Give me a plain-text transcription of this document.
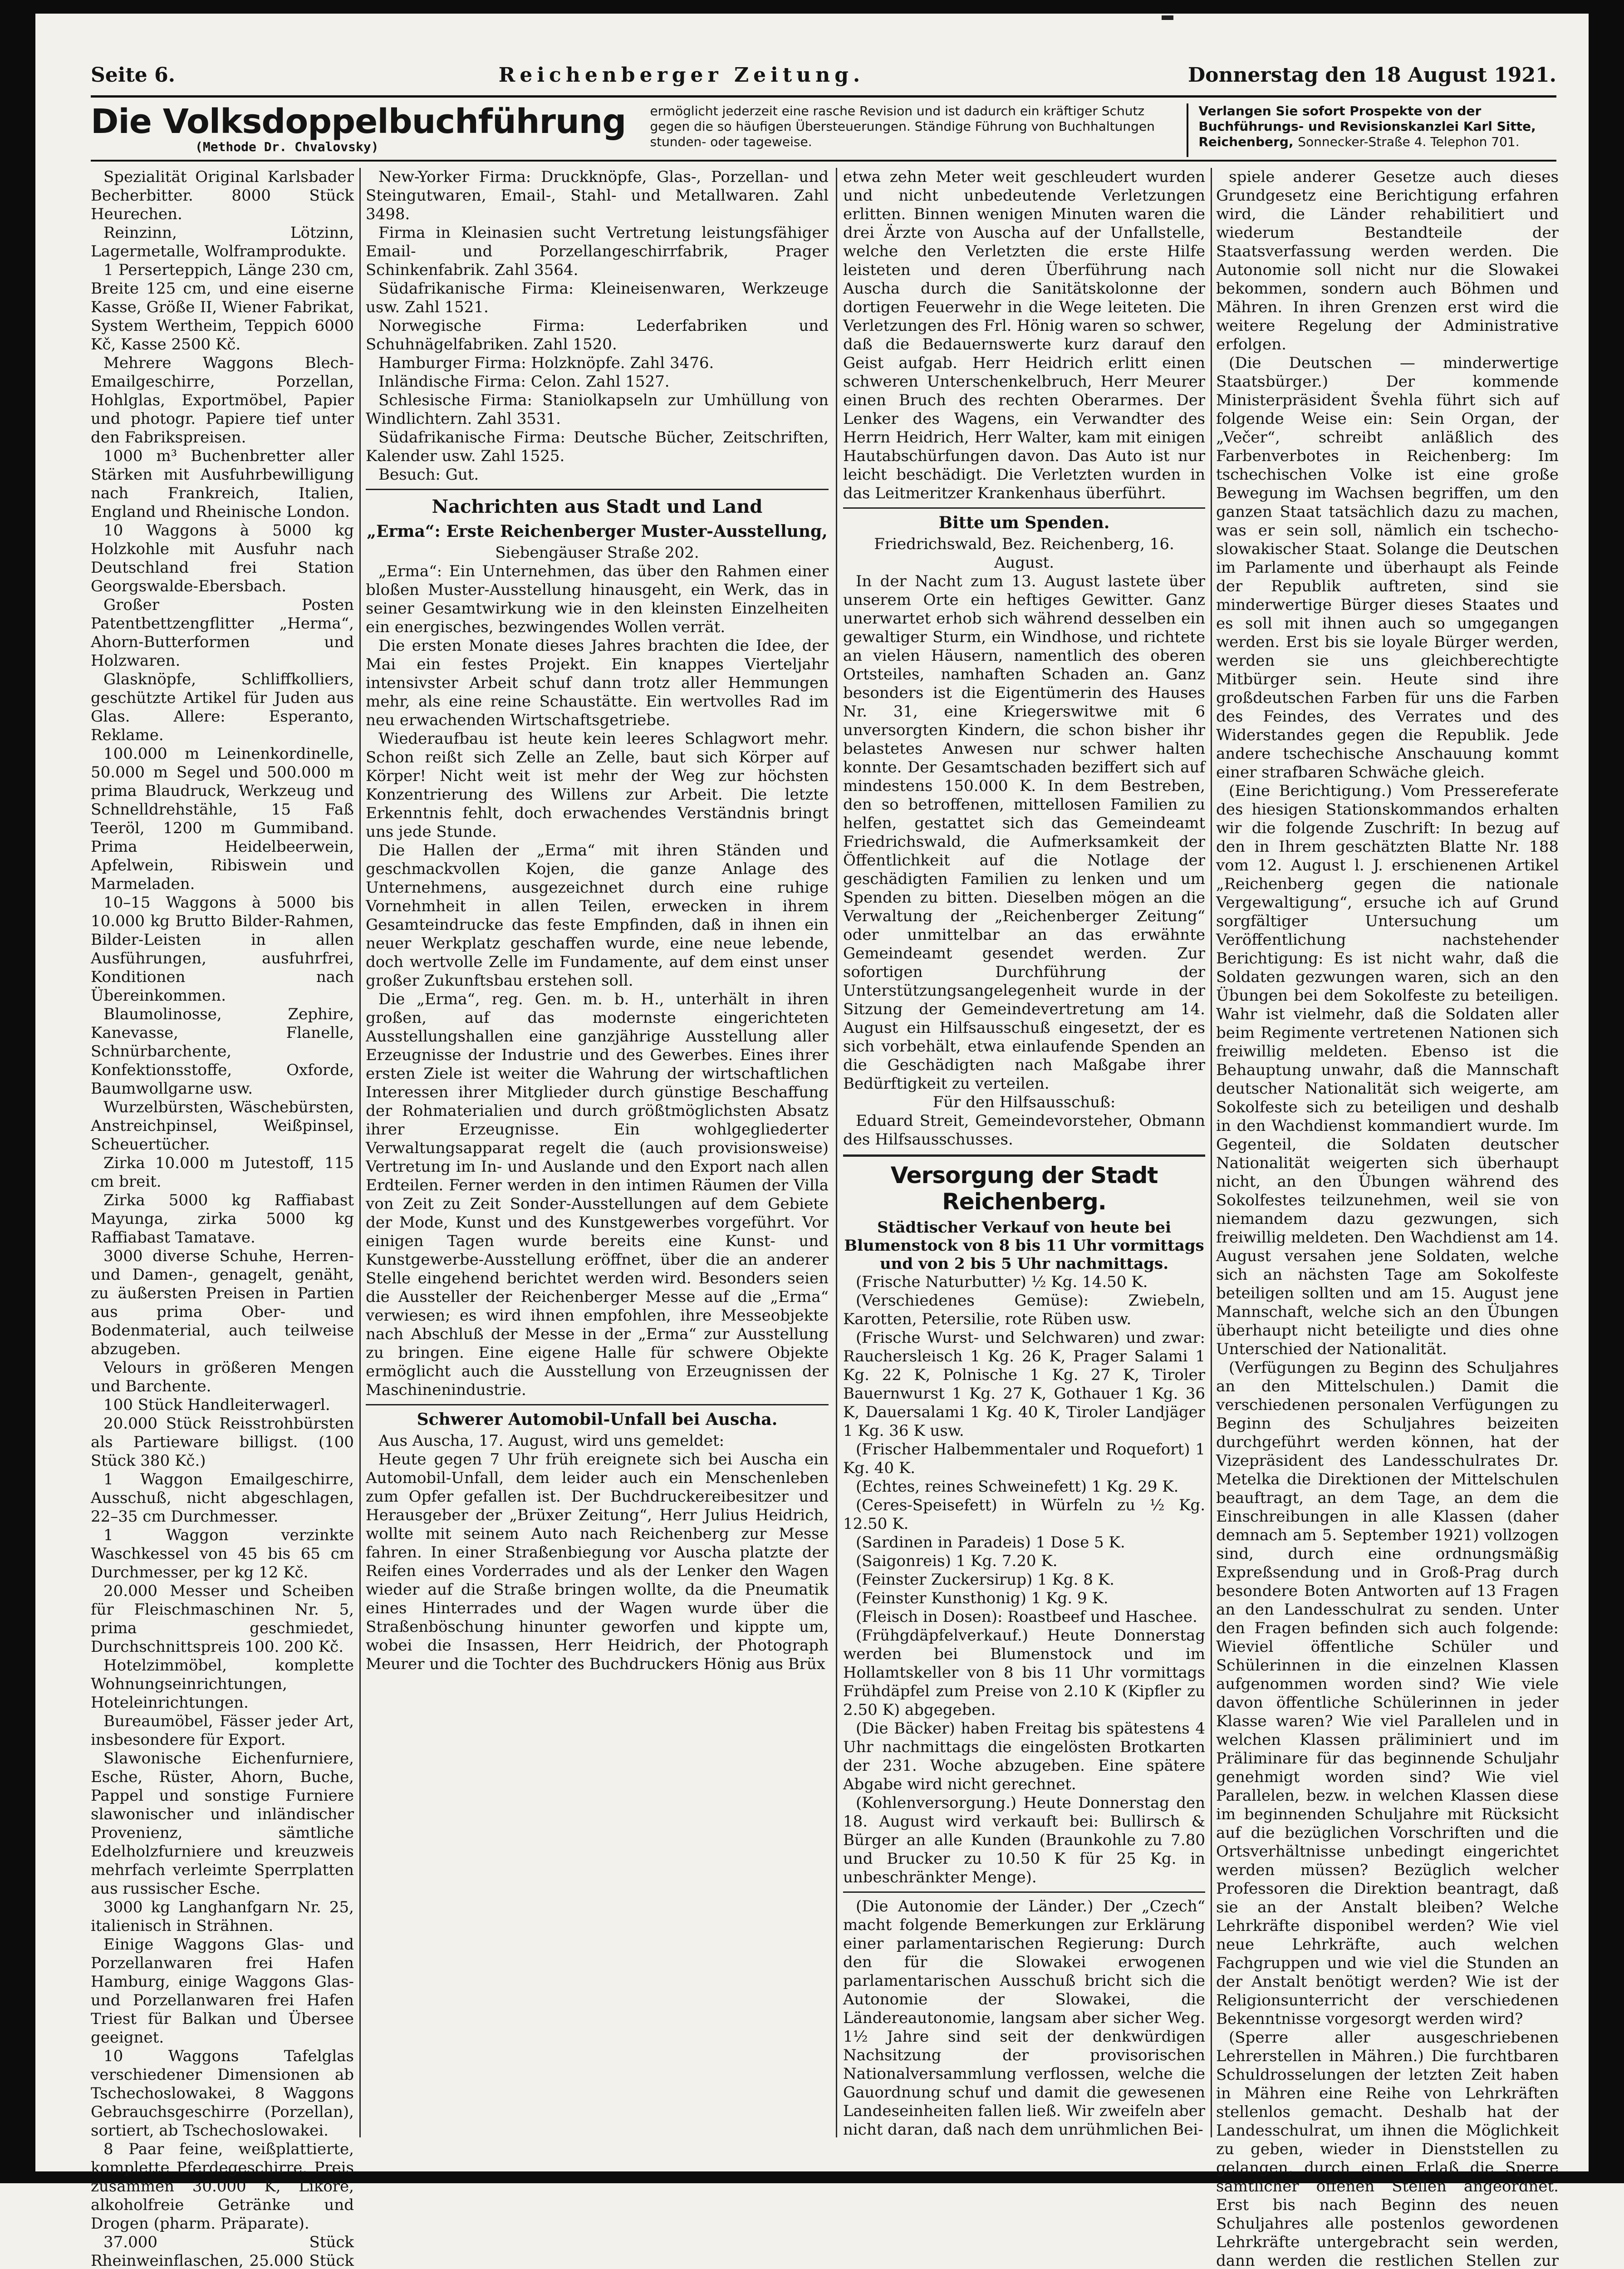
Seite 6.	Reichenberger Zeitung.	Donnerstag den 18 August 1921.
Die Volksdoppelbuchführung
(Methode Dr. Chvalovsky)
ermöglicht jederzeit eine rasche Revision und ist dadurch ein kräftiger Schutz gegen die so häufigen Übersteuerungen. Ständige Führung von Buchhaltungen stunden- oder tageweise.
Verlangen Sie sofort Prospekte von der Buchführungs- und Revisionskanzlei Karl Sitte, Reichenberg, Sonnecker-Straße 4. Telephon 701.

Spezialität Original Karlsbader Becherbitter. 8000 Stück Heurechen.

Reinzinn, Lötzinn, Lagermetalle, Wolframprodukte.

1 Perserteppich, Länge 230 cm, Breite 125 cm, und eine eiserne Kasse, Größe II, Wiener Fabrikat, System Wertheim, Teppich 6000 Kč, Kasse 2500 Kč.

Mehrere Waggons Blech-Emailgeschirre, Porzellan, Hohlglas, Exportmöbel, Papier und photogr. Papiere tief unter den Fabrikspreisen.

1000 m³ Buchenbretter aller Stärken mit Ausfuhrbewilligung nach Frankreich, Italien, England und Rheinische London.

10 Waggons à 5000 kg Holzkohle mit Ausfuhr nach Deutschland frei Station Georgswalde-Ebersbach.

Großer Posten Patentbettzengflitter „Herma“, Ahorn-Butterformen und Holzwaren.

Glasknöpfe, Schliffkolliers, geschützte Artikel für Juden aus Glas. Allere: Esperanto, Reklame.

100.000 m Leinenkordinelle, 50.000 m Segel und 500.000 m prima Blaudruck, Werkzeug und Schnelldrehstähle, 15 Faß Teeröl, 1200 m Gummiband. Prima Heidelbeerwein, Apfelwein, Ribiswein und Marmeladen.

10–15 Waggons à 5000 bis 10.000 kg Brutto Bilder-Rahmen, Bilder-Leisten in allen Ausführungen, ausfuhrfrei, Konditionen nach Übereinkommen.

Blaumolinosse, Zephire, Kanevasse, Flanelle, Schnürbarchente, Konfektionsstoffe, Oxforde, Baumwollgarne usw.

Wurzelbürsten, Wäschebürsten, Anstreichpinsel, Weißpinsel, Scheuertücher.

Zirka 10.000 m Jutestoff, 115 cm breit.

Zirka 5000 kg Raffiabast Mayunga, zirka 5000 kg Raffiabast Tamatave.

3000 diverse Schuhe, Herren- und Damen-, genagelt, genäht, zu äußersten Preisen in Partien aus prima Ober- und Bodenmaterial, auch teilweise abzugeben.

Velours in größeren Mengen und Barchente.

100 Stück Handleiterwagerl.

20.000 Stück Reisstrohbürsten als Partieware billigst. (100 Stück 380 Kč.)

1 Waggon Emailgeschirre, Ausschuß, nicht abgeschlagen, 22–35 cm Durchmesser.

1 Waggon verzinkte Waschkessel von 45 bis 65 cm Durchmesser, per kg 12 Kč.

20.000 Messer und Scheiben für Fleischmaschinen Nr. 5, prima geschmiedet, Durchschnittspreis 100. 200 Kč.

Hotelzimmöbel, komplette Wohnungseinrichtungen, Hoteleinrichtungen.

Bureaumöbel, Fässer jeder Art, insbesondere für Export.

Slawonische Eichenfurniere, Esche, Rüster, Ahorn, Buche, Pappel und sonstige Furniere slawonischer und inländischer Provenienz, sämtliche Edelholzfurniere und kreuzweis mehrfach verleimte Sperrplatten aus russischer Esche.

3000 kg Langhanfgarn Nr. 25, italienisch in Strähnen.

Einige Waggons Glas- und Porzellanwaren frei Hafen Hamburg, einige Waggons Glas- und Porzellanwaren frei Hafen Triest für Balkan und Übersee geeignet.

10 Waggons Tafelglas verschiedener Dimensionen ab Tschechoslowakei, 8 Waggons Gebrauchsgeschirre (Porzellan), sortiert, ab Tschechoslowakei.

8 Paar feine, weißplattierte, komplette Pferdegeschirre. Preis zusammen 30.000 K, Liköre, alkoholfreie Getränke und Drogen (pharm. Präparate).

37.000 Stück Rheinweinflaschen, 25.000 Stück

New-Yorker Firma: Druckknöpfe, Glas-, Porzellan- und Steingutwaren, Email-, Stahl- und Metallwaren. Zahl 3498.

Firma in Kleinasien sucht Vertretung leistungsfähiger Email- und Porzellangeschirrfabrik, Prager Schinkenfabrik. Zahl 3564.

Südafrikanische Firma: Kleineisenwaren, Werkzeuge usw. Zahl 1521.

Norwegische Firma: Lederfabriken und Schuhnägelfabriken. Zahl 1520.

Hamburger Firma: Holzknöpfe. Zahl 3476.

Inländische Firma: Celon. Zahl 1527.

Schlesische Firma: Staniolkapseln zur Umhüllung von Windlichtern. Zahl 3531.

Südafrikanische Firma: Deutsche Bücher, Zeitschriften, Kalender usw. Zahl 1525.

Besuch: Gut.

Nachrichten aus Stadt und Land
„Erma“: Erste Reichenberger Muster-Ausstellung,

Siebengäuser Straße 202.

„Erma“: Ein Unternehmen, das über den Rahmen einer bloßen Muster-Ausstellung hinausgeht, ein Werk, das in seiner Gesamtwirkung wie in den kleinsten Einzelheiten ein energisches, bezwingendes Wollen verrät.

Die ersten Monate dieses Jahres brachten die Idee, der Mai ein festes Projekt. Ein knappes Vierteljahr intensivster Arbeit schuf dann trotz aller Hemmungen mehr, als eine reine Schaustätte. Ein wertvolles Rad im neu erwachenden Wirtschaftsgetriebe.

Wiederaufbau ist heute kein leeres Schlagwort mehr. Schon reißt sich Zelle an Zelle, baut sich Körper auf Körper! Nicht weit ist mehr der Weg zur höchsten Konzentrierung des Willens zur Arbeit. Die letzte Erkenntnis fehlt, doch erwachendes Verständnis bringt uns jede Stunde.

Die Hallen der „Erma“ mit ihren Ständen und geschmackvollen Kojen, die ganze Anlage des Unternehmens, ausgezeichnet durch eine ruhige Vornehmheit in allen Teilen, erwecken in ihrem Gesamteindrucke das feste Empfinden, daß in ihnen ein neuer Werkplatz geschaffen wurde, eine neue lebende, doch wertvolle Zelle im Fundamente, auf dem einst unser großer Zukunftsbau erstehen soll.

Die „Erma“, reg. Gen. m. b. H., unterhält in ihren großen, auf das modernste eingerichteten Ausstellungshallen eine ganzjährige Ausstellung aller Erzeugnisse der Industrie und des Gewerbes. Eines ihrer ersten Ziele ist weiter die Wahrung der wirtschaftlichen Interessen ihrer Mitglieder durch günstige Beschaffung der Rohmaterialien und durch größtmöglichsten Absatz ihrer Erzeugnisse. Ein wohlgegliederter Verwaltungsapparat regelt die (auch provisionsweise) Vertretung im In- und Auslande und den Export nach allen Erdteilen. Ferner werden in den intimen Räumen der Villa von Zeit zu Zeit Sonder-Ausstellungen auf dem Gebiete der Mode, Kunst und des Kunstgewerbes vorgeführt. Vor einigen Tagen wurde bereits eine Kunst- und Kunstgewerbe-Ausstellung eröffnet, über die an anderer Stelle eingehend berichtet werden wird. Besonders seien die Aussteller der Reichenberger Messe auf die „Erma“ verwiesen; es wird ihnen empfohlen, ihre Messeobjekte nach Abschluß der Messe in der „Erma“ zur Ausstellung zu bringen. Eine eigene Halle für schwere Objekte ermöglicht auch die Ausstellung von Erzeugnissen der Maschinenindustrie.

Schwerer Automobil-Unfall bei Auscha.

Aus Auscha, 17. August, wird uns gemeldet:

Heute gegen 7 Uhr früh ereignete sich bei Auscha ein Automobil-Unfall, dem leider auch ein Menschenleben zum Opfer gefallen ist. Der Buchdruckereibesitzer und Herausgeber der „Brüxer Zeitung“, Herr Julius Heidrich, wollte mit seinem Auto nach Reichenberg zur Messe fahren. In einer Straßenbiegung vor Auscha platzte der Reifen eines Vorderrades und als der Lenker den Wagen wieder auf die Straße bringen wollte, da die Pneumatik eines Hinterrades und der Wagen wurde über die Straßenböschung hinunter geworfen und kippte um, wobei die Insassen, Herr Heidrich, der Photograph Meurer und die Tochter des Buchdruckers Hönig aus Brüx

etwa zehn Meter weit geschleudert wurden und nicht unbedeutende Verletzungen erlitten. Binnen wenigen Minuten waren die drei Ärzte von Auscha auf der Unfallstelle, welche den Verletzten die erste Hilfe leisteten und deren Überführung nach Auscha durch die Sanitätskolonne der dortigen Feuerwehr in die Wege leiteten. Die Verletzungen des Frl. Hönig waren so schwer, daß die Bedauernswerte kurz darauf den Geist aufgab. Herr Heidrich erlitt einen schweren Unterschenkelbruch, Herr Meurer einen Bruch des rechten Oberarmes. Der Lenker des Wagens, ein Verwandter des Herrn Heidrich, Herr Walter, kam mit einigen Hautabschürfungen davon. Das Auto ist nur leicht beschädigt. Die Verletzten wurden in das Leitmeritzer Krankenhaus überführt.

Bitte um Spenden.

Friedrichswald, Bez. Reichenberg, 16. August.

In der Nacht zum 13. August lastete über unserem Orte ein heftiges Gewitter. Ganz unerwartet erhob sich während desselben ein gewaltiger Sturm, ein Windhose, und richtete an vielen Häusern, namentlich des oberen Ortsteiles, namhaften Schaden an. Ganz besonders ist die Eigentümerin des Hauses Nr. 31, eine Kriegerswitwe mit 6 unversorgten Kindern, die schon bisher ihr belastetes Anwesen nur schwer halten konnte. Der Gesamtschaden beziffert sich auf mindestens 150.000 K. In dem Bestreben, den so betroffenen, mittellosen Familien zu helfen, gestattet sich das Gemeindeamt Friedrichswald, die Aufmerksamkeit der Öffentlichkeit auf die Notlage der geschädigten Familien zu lenken und um Spenden zu bitten. Dieselben mögen an die Verwaltung der „Reichenberger Zeitung“ oder unmittelbar an das erwähnte Gemeindeamt gesendet werden. Zur sofortigen Durchführung der Unterstützungsangelegenheit wurde in der Sitzung der Gemeindevertretung am 14. August ein Hilfsausschuß eingesetzt, der es sich vorbehält, etwa einlaufende Spenden an die Geschädigten nach Maßgabe ihrer Bedürftigkeit zu verteilen.

Für den Hilfsausschuß:

Eduard Streit, Gemeindevorsteher, Obmann des Hilfsausschusses.

Versorgung der Stadt Reichenberg.
Städtischer Verkauf von heute bei Blumenstock von 8 bis 11 Uhr vormittags und von 2 bis 5 Uhr nachmittags.

(Frische Naturbutter) ½ Kg. 14.50 K.

(Verschiedenes Gemüse): Zwiebeln, Karotten, Petersilie, rote Rüben usw.

(Frische Wurst- und Selchwaren) und zwar: Rauchersleisch 1 Kg. 26 K, Prager Salami 1 Kg. 22 K, Polnische 1 Kg. 27 K, Tiroler Bauernwurst 1 Kg. 27 K, Gothauer 1 Kg. 36 K, Dauersalami 1 Kg. 40 K, Tiroler Landjäger 1 Kg. 36 K usw.

(Frischer Halbemmentaler und Roquefort) 1 Kg. 40 K.

(Echtes, reines Schweinefett) 1 Kg. 29 K.

(Ceres-Speisefett) in Würfeln zu ½ Kg. 12.50 K.

(Sardinen in Paradeis) 1 Dose 5 K.

(Saigonreis) 1 Kg. 7.20 K.

(Feinster Zuckersirup) 1 Kg. 8 K.

(Feinster Kunsthonig) 1 Kg. 9 K.

(Fleisch in Dosen): Roastbeef und Haschee.

(Frühgdäpfelverkauf.) Heute Donnerstag werden bei Blumenstock und im Hollamtskeller von 8 bis 11 Uhr vormittags Frühdäpfel zum Preise von 2.10 K (Kipfler zu 2.50 K) abgegeben.

(Die Bäcker) haben Freitag bis spätestens 4 Uhr nachmittags die eingelösten Brotkarten der 231. Woche abzugeben. Eine spätere Abgabe wird nicht gerechnet.

(Kohlenversorgung.) Heute Donnerstag den 18. August wird verkauft bei: Bullirsch & Bürger an alle Kunden (Braunkohle zu 7.80 und Brucker zu 10.50 K für 25 Kg. in unbeschränkter Menge).

(Die Autonomie der Länder.) Der „Czech“ macht folgende Bemerkungen zur Erklärung einer parlamentarischen Regierung: Durch den für die Slowakei erwogenen parlamentarischen Ausschuß bricht sich die Autonomie der Slowakei, die Ländereautonomie, langsam aber sicher Weg. 1½ Jahre sind seit der denkwürdigen Nachsitzung der provisorischen Nationalversammlung verflossen, welche die Gauordnung schuf und damit die gewesenen Landeseinheiten fallen ließ. Wir zweifeln aber nicht daran, daß nach dem unrühmlichen Bei-

spiele anderer Gesetze auch dieses Grundgesetz eine Berichtigung erfahren wird, die Länder rehabilitiert und wiederum Bestandteile der Staatsverfassung werden werden. Die Autonomie soll nicht nur die Slowakei bekommen, sondern auch Böhmen und Mähren. In ihren Grenzen erst wird die weitere Regelung der Administrative erfolgen.

(Die Deutschen — minderwertige Staatsbürger.) Der kommende Ministerpräsident Švehla führt sich auf folgende Weise ein: Sein Organ, der „Večer“, schreibt anläßlich des Farbenverbotes in Reichenberg: Im tschechischen Volke ist eine große Bewegung im Wachsen begriffen, um den ganzen Staat tatsächlich dazu zu machen, was er sein soll, nämlich ein tschecho-slowakischer Staat. Solange die Deutschen im Parlamente und überhaupt als Feinde der Republik auftreten, sind sie minderwertige Bürger dieses Staates und es soll mit ihnen auch so umgegangen werden. Erst bis sie loyale Bürger werden, werden sie uns gleichberechtigte Mitbürger sein. Heute sind ihre großdeutschen Farben für uns die Farben des Feindes, des Verrates und des Widerstandes gegen die Republik. Jede andere tschechische Anschauung kommt einer strafbaren Schwäche gleich.

(Eine Berichtigung.) Vom Pressereferate des hiesigen Stationskommandos erhalten wir die folgende Zuschrift: In bezug auf den in Ihrem geschätzten Blatte Nr. 188 vom 12. August l. J. erschienenen Artikel „Reichenberg gegen die nationale Vergewaltigung“, ersuche ich auf Grund sorgfältiger Untersuchung um Veröffentlichung nachstehender Berichtigung: Es ist nicht wahr, daß die Soldaten gezwungen waren, sich an den Übungen bei dem Sokolfeste zu beteiligen. Wahr ist vielmehr, daß die Soldaten aller beim Regimente vertretenen Nationen sich freiwillig meldeten. Ebenso ist die Behauptung unwahr, daß die Mannschaft deutscher Nationalität sich weigerte, am Sokolfeste sich zu beteiligen und deshalb in den Wachdienst kommandiert wurde. Im Gegenteil, die Soldaten deutscher Nationalität weigerten sich überhaupt nicht, an den Übungen während des Sokolfestes teilzunehmen, weil sie von niemandem dazu gezwungen, sich freiwillig meldeten. Den Wachdienst am 14. August versahen jene Soldaten, welche sich an nächsten Tage am Sokolfeste beteiligen sollten und am 15. August jene Mannschaft, welche sich an den Übungen überhaupt nicht beteiligte und dies ohne Unterschied der Nationalität.

(Verfügungen zu Beginn des Schuljahres an den Mittelschulen.) Damit die verschiedenen personalen Verfügungen zu Beginn des Schuljahres beizeiten durchgeführt werden können, hat der Vizepräsident des Landesschulrates Dr. Metelka die Direktionen der Mittelschulen beauftragt, an dem Tage, an dem die Einschreibungen in alle Klassen (daher demnach am 5. September 1921) vollzogen sind, durch eine ordnungsmäßig Expreßsendung und in Groß-Prag durch besondere Boten Antworten auf 13 Fragen an den Landesschulrat zu senden. Unter den Fragen befinden sich auch folgende: Wieviel öffentliche Schüler und Schülerinnen in die einzelnen Klassen aufgenommen worden sind? Wie viele davon öffentliche Schülerinnen in jeder Klasse waren? Wie viel Parallelen und in welchen Klassen präliminiert und im Präliminare für das beginnende Schuljahr genehmigt worden sind? Wie viel Parallelen, bezw. in welchen Klassen diese im beginnenden Schuljahre mit Rücksicht auf die bezüglichen Vorschriften und die Ortsverhältnisse unbedingt eingerichtet werden müssen? Bezüglich welcher Professoren die Direktion beantragt, daß sie an der Anstalt bleiben? Welche Lehrkräfte disponibel werden? Wie viel neue Lehrkräfte, auch welchen Fachgruppen und wie viel die Stunden an der Anstalt benötigt werden? Wie ist der Religionsunterricht der verschiedenen Bekenntnisse vorgesorgt werden wird?

(Sperre aller ausgeschriebenen Lehrerstellen in Mähren.) Die furchtbaren Schuldrosselungen der letzten Zeit haben in Mähren eine Reihe von Lehrkräften stellenlos gemacht. Deshalb hat der Landesschulrat, um ihnen die Möglichkeit zu geben, wieder in Dienststellen zu gelangen, durch einen Erlaß die Sperre sämtlicher offenen Stellen angeordnet. Erst bis nach Beginn des neuen Schuljahres alle postenlos gewordenen Lehrkräfte untergebracht sein werden, dann werden die restlichen Stellen zur
